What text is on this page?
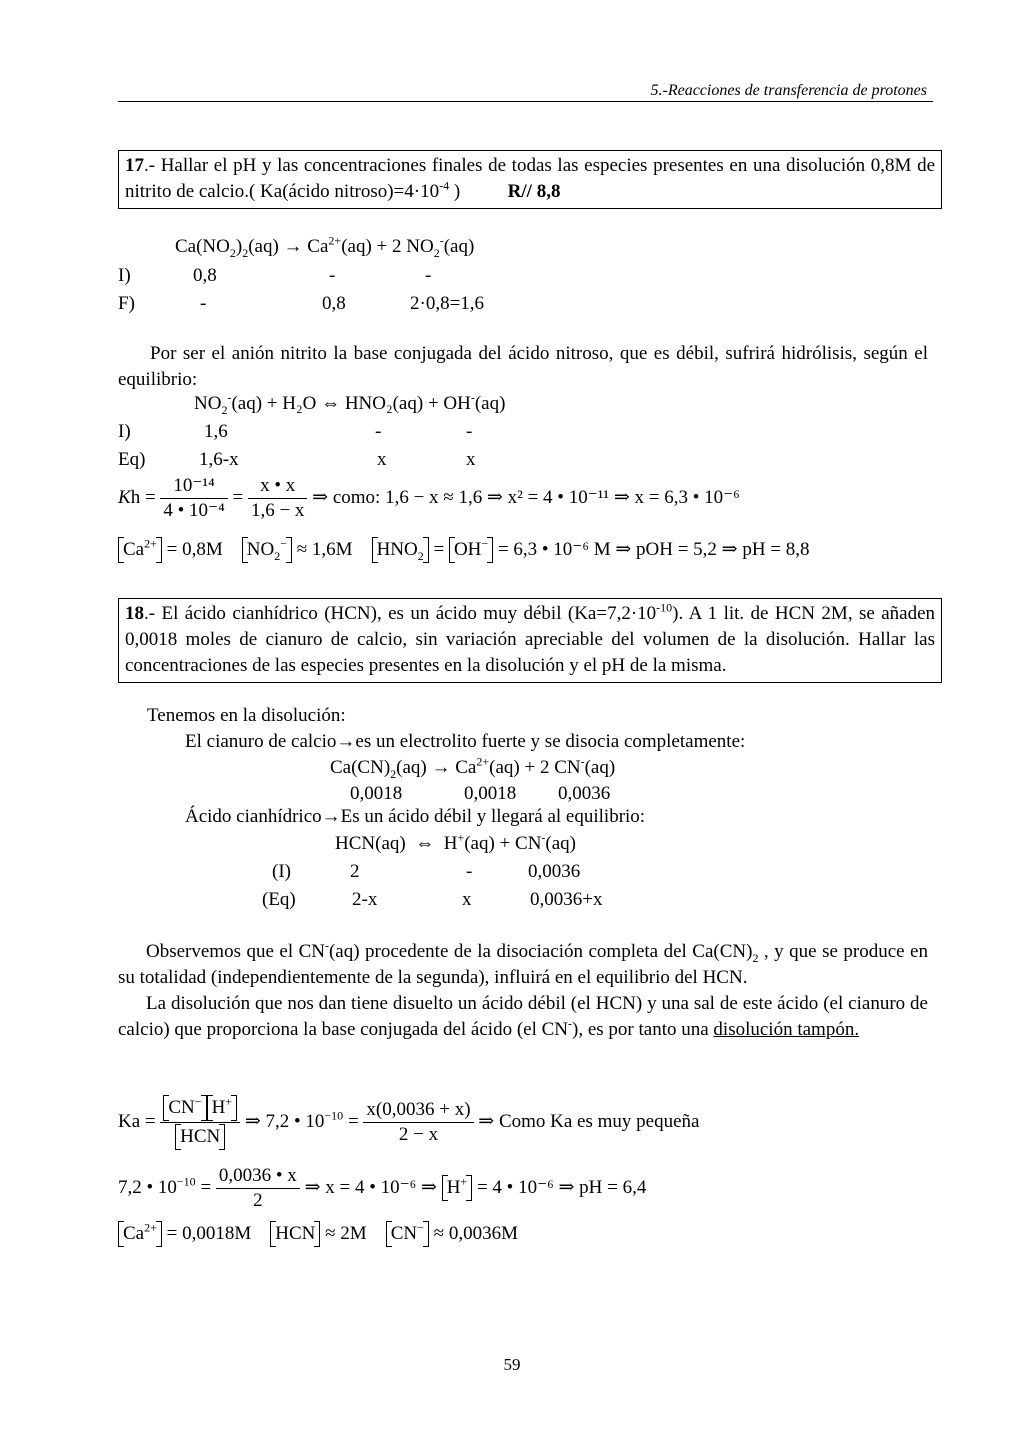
5.-Reacciones de transferencia de protones
17.- Hallar el pH y las concentraciones finales de todas las especies presentes en una disolución 0,8M de nitrito de calcio.( Ka(ácido $nitroso)=4\cdot 10^{-4}$ )	R// 8,8
$Ca(NO_2)_2(aq) \to Ca^{2+}(aq) + 2$ $NO_2^-(aq)$
I)	0,8	-	-
F)	-	0,8	2·0,8=1,6
Por ser el anión nitrito la base conjugada del ácido nitroso, que es débil, sufrirá hidrólisis, según el equilibrio:
$NO_2^-(aq) + H_2O$ ⇔ HNO₂(aq) + OH-(aq)
I)	1,6	-	-
Eq)	1,6-x	x	x
$Kh = \frac{\text{10⁻¹⁴}}{\text{4 • 10⁻⁴}} = \frac{x • x}{1,6 - x}$ ⇒ como: 1,6 − x ≈ 1,6 ⇒ x² = 4 • 10⁻¹¹ ⇒ x = 6,3 • 10⁻⁶
$Ca^{2+} = 0,8M$    $NO_2^- \approx 1,6M$    $HNO_2 = OH^- = 6,3$ • 10⁻⁶ M ⇒ pOH = 5,2 ⇒ pH = 8,8
18.- El ácido cianhídrico (HCN), es un ácido muy débil $(Ka=7,2\cdot 10^{-10})$. A 1 lit. de HCN 2M, se añaden 0,0018 moles de cianuro de calcio, sin variación apreciable del volumen de la disolución. Hallar las concentraciones de las especies presentes en la disolución y el pH de la misma.
Tenemos en la disolución:
El cianuro de calcio→es un electrolito fuerte y se disocia completamente:
$Ca(CN)_2(aq) \to Ca^{2+}(aq) + 2$ CN-(aq)
0,0018	0,0018 0,0036
Ácido cianhídrico→Es un ácido débil y llegará al equilibrio:
HCN(aq)  ⇔  H+(aq) + CN-(aq)
(I)	2	-	0,0036
(Eq)	2-x	x	0,0036+x
Observemos que el CN-(aq) procedente de la disociación completa del $Ca(CN)_2$ , y que se produce en su totalidad (independientemente de la segunda), influirá en el equilibrio del HCN.
La disolución que nos dan tiene disuelto un ácido débil (el HCN) y una sal de este ácido (el cianuro de calcio) que proporciona la base conjugada del ácido (el CN-), es por tanto una disolución tampón.
$Ka = \frac{CN^- H^+}{\text{HCN}}$ ⇒ 7,2 • $10^{-10} = \frac{x(0,0036 + x)}{2 - x}$ ⇒ Como Ka es muy pequeña
7,2 • $10^{-10} = \frac{0,0036 • x}{2}$ ⇒ x = 4 • 10⁻⁶ ⇒ H+ = 4 • 10⁻⁶ ⇒ pH = 6,4
$Ca^{2+} = 0,0018M$    HCN ≈ 2M    CN− ≈ 0,0036M
59
